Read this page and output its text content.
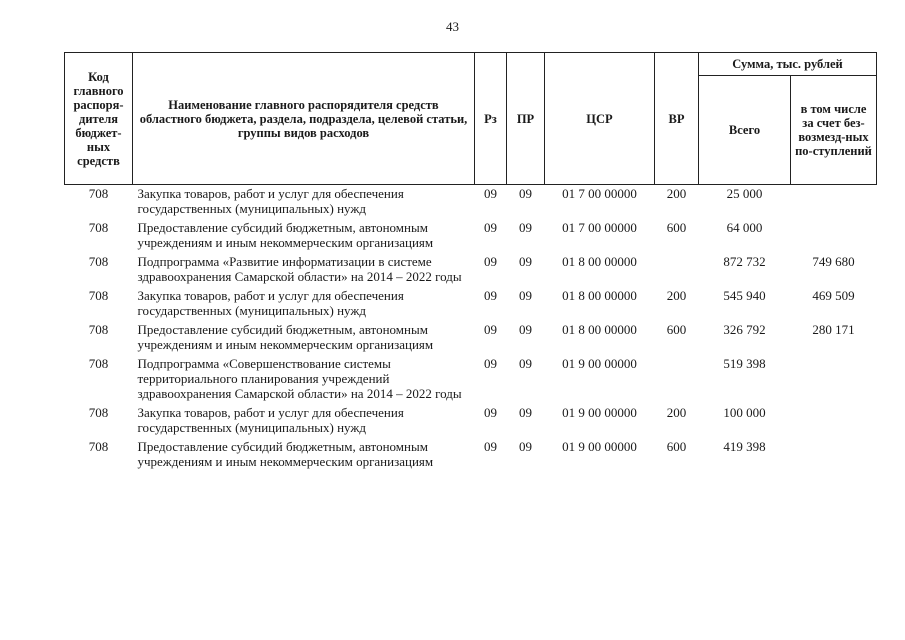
43
Код главного распоря-дителя бюджет-ных средств	Наименование главного распорядителя средств областного бюджета, раздела, подраздела, целевой статьи, группы видов расходов	Рз	ПР	ЦСР	ВР	Сумма, тыс. рублей	
						Всего	в том числе за счет без-возмезд-ных по-ступлений
708	Закупка товаров, работ и услуг для обеспечения государственных (муниципальных) нужд	09	09	01 7 00 00000	200	25 000	
708	Предоставление субсидий бюджетным, автономным учреждениям и иным некоммерческим организациям	09	09	01 7 00 00000	600	64 000	
708	Подпрограмма «Развитие информатизации в системе здравоохранения Самарской области» на 2014 – 2022 годы	09	09	01 8 00 00000		872 732	749 680
708	Закупка товаров, работ и услуг для обеспечения государственных (муниципальных) нужд	09	09	01 8 00 00000	200	545 940	469 509
708	Предоставление субсидий бюджетным, автономным учреждениям и иным некоммерческим организациям	09	09	01 8 00 00000	600	326 792	280 171
708	Подпрограмма «Совершенствование системы территориального планирования учреждений здравоохранения Самарской области» на 2014 – 2022 годы	09	09	01 9 00 00000		519 398	
708	Закупка товаров, работ и услуг для обеспечения государственных (муниципальных) нужд	09	09	01 9 00 00000	200	100 000	
708	Предоставление субсидий бюджетным, автономным учреждениям и иным некоммерческим организациям	09	09	01 9 00 00000	600	419 398	
